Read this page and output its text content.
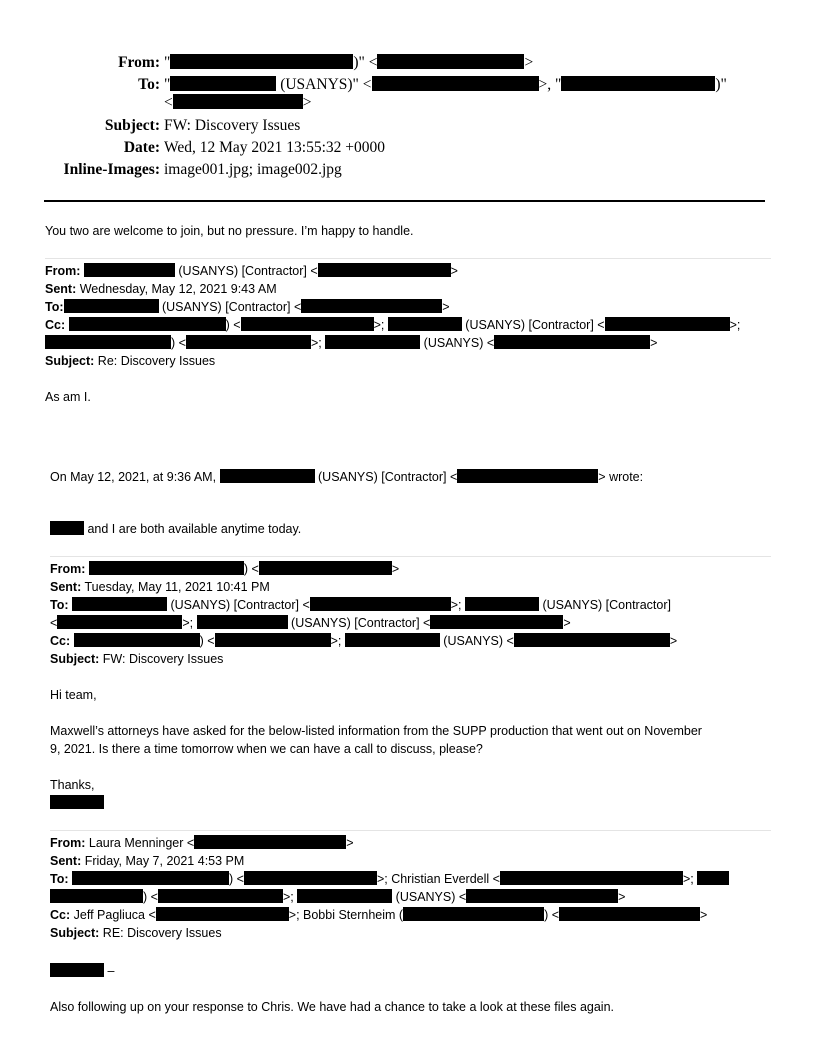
From: "	)" <	>
To: "	(USANYS)" <	>, "	)"
<	>
Subject: FW: Discovery Issues
Date: Wed, 12 May 2021 13:55:32 +0000
Inline-Images: image001.jpg; image002.jpg

You two are welcome to join, but no pressure. I’m happy to handle.

From:	(USANYS) [Contractor] <	>

Sent: Wednesday, May 12, 2021 9:43 AM

To:	(USANYS) [Contractor] <	>

Cc:	) <	>;	(USANYS) [Contractor] <	>;

) <	>;	(USANYS) <	>

Subject: Re: Discovery Issues

As am I.

On May 12, 2021, at 9:36 AM,	(USANYS) [Contractor] <	> wrote:

and I are both available anytime today.

From:	) <	>

Sent: Tuesday, May 11, 2021 10:41 PM

To:	(USANYS) [Contractor] <	>;	(USANYS) [Contractor]

<	>;	(USANYS) [Contractor] <	>

Cc:	) <	>;	(USANYS) <	>

Subject: FW: Discovery Issues

Hi team,

Maxwell’s attorneys have asked for the below-listed information from the SUPP production that went out on November

9, 2021. Is there a time tomorrow when we can have a call to discuss, please?

Thanks,

From: Laura Menninger <	>

Sent: Friday, May 7, 2021 4:53 PM

To:	) <	>; Christian Everdell <	>;

) <	>;	(USANYS) <	>

Cc: Jeff Pagliuca <	>; Bobbi Sternheim (	) <	>

Subject: RE: Discovery Issues

–

Also following up on your response to Chris. We have had a chance to take a look at these files again.
